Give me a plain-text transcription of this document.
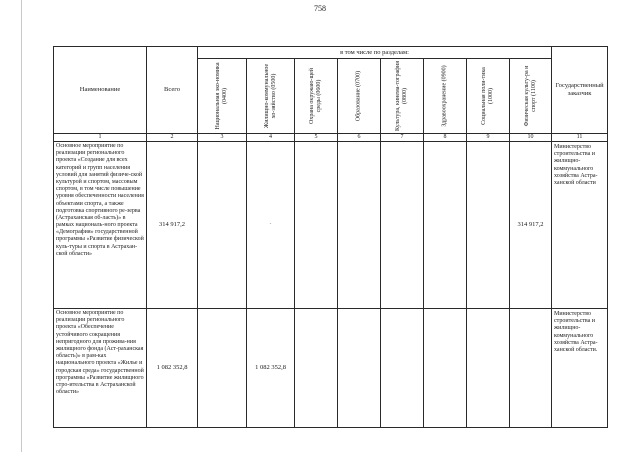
758
Наименование	Всего	в том числе по разделам:								Государственный заказчик

		Национальная эко-номика (0400)	Жилищно-коммунальное хо-зяйство (0500)	Охрана окружаю-щей среды (0600)	Образование (0700)	Культура, кинема-тография (0800)	Здравоохранение (0900)	Социальная поли-тика (1000)	Физическая культу-ра и спорт (1100)	

1	2	3	4	5	6	7	8	9	10	11
Основное мероприятие по реализации регионального проекта «Создание для всех категорий и групп населения условий для занятий физиче-ской культурой и спортом, массовым спортом, в том числе повышение уровня обеспеченности населения объектами спорта, а также подготовка спортивного ре-зерва (Астраханская об-ласть)» в рамках националь-ного проекта «Демография» государственной программы «Развитие физической куль-туры и спорта в Астрахан-ской области»	314 917,2		-						314 917,2	Министерство строительства и жилищно-коммунального хозяйства Астра-ханской области
Основное мероприятие по реализации регионального проекта «Обеспечение устойчивого сокращения непригодного для прожива-ния жилищного фонда (Аст-раханская область)» в рам-ках национального проекта «Жилье и городская среда» государственной программы «Развитие жилищного стро-ительства в Астраханской области»	1 082 352,8		1 082 352,8							Министерство строительства и жилищно-коммунального хозяйства Астра-ханской области.
